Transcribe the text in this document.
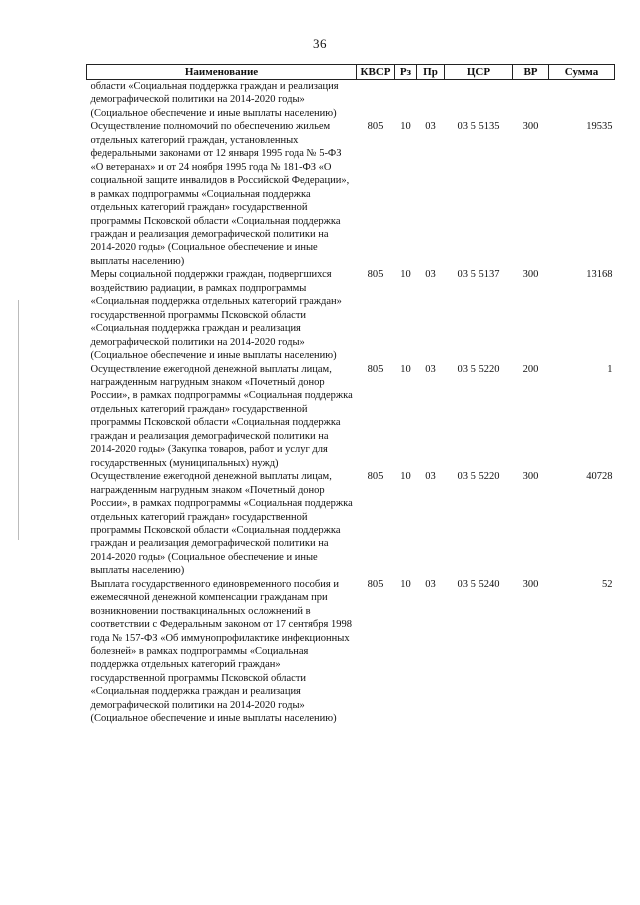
36
Наименование	КВСР	Рз	Пр	ЦСР	ВР	Сумма
области «Социальная поддержка граждан и реализация демографической политики на 2014-2020 годы» (Социальное обеспечение и иные выплаты населению)						
Осуществление полномочий по обеспечению жильем отдельных категорий граждан, установленных федеральными законами от 12 января 1995 года № 5-ФЗ «О ветеранах» и от 24 ноября 1995 года № 181-ФЗ «О социальной защите инвалидов в Российской Федерации», в рамках подпрограммы «Социальная поддержка отдельных категорий граждан» государственной программы Псковской области «Социальная поддержка граждан и реализация демографической политики на 2014-2020 годы» (Социальное обеспечение и иные выплаты населению)	805	10	03	03 5 5135	300	19535
Меры социальной поддержки граждан, подвергшихся воздействию радиации, в рамках подпрограммы «Социальная поддержка отдельных категорий граждан» государственной программы Псковской области «Социальная поддержка граждан и реализация демографической политики на 2014-2020 годы» (Социальное обеспечение и иные выплаты населению)	805	10	03	03 5 5137	300	13168
Осуществление ежегодной денежной выплаты лицам, награжденным нагрудным знаком «Почетный донор России», в рамках подпрограммы «Социальная поддержка отдельных категорий граждан» государственной программы Псковской области «Социальная поддержка граждан и реализация демографической политики на 2014-2020 годы» (Закупка товаров, работ и услуг для государственных (муниципальных) нужд)	805	10	03	03 5 5220	200	1
Осуществление ежегодной денежной выплаты лицам, награжденным нагрудным знаком «Почетный донор России», в рамках подпрограммы «Социальная поддержка отдельных категорий граждан» государственной программы Псковской области «Социальная поддержка граждан и реализация демографической политики на 2014-2020 годы» (Социальное обеспечение и иные выплаты населению)	805	10	03	03 5 5220	300	40728
Выплата государственного единовременного пособия и ежемесячной денежной компенсации гражданам при возникновении поствакцинальных осложнений в соответствии с Федеральным законом от 17 сентября 1998 года № 157-ФЗ «Об иммунопрофилактике инфекционных болезней» в рамках подпрограммы «Социальная поддержка отдельных категорий граждан» государственной программы Псковской области «Социальная поддержка граждан и реализация демографической политики на 2014-2020 годы» (Социальное обеспечение и иные выплаты населению)	805	10	03	03 5 5240	300	52
